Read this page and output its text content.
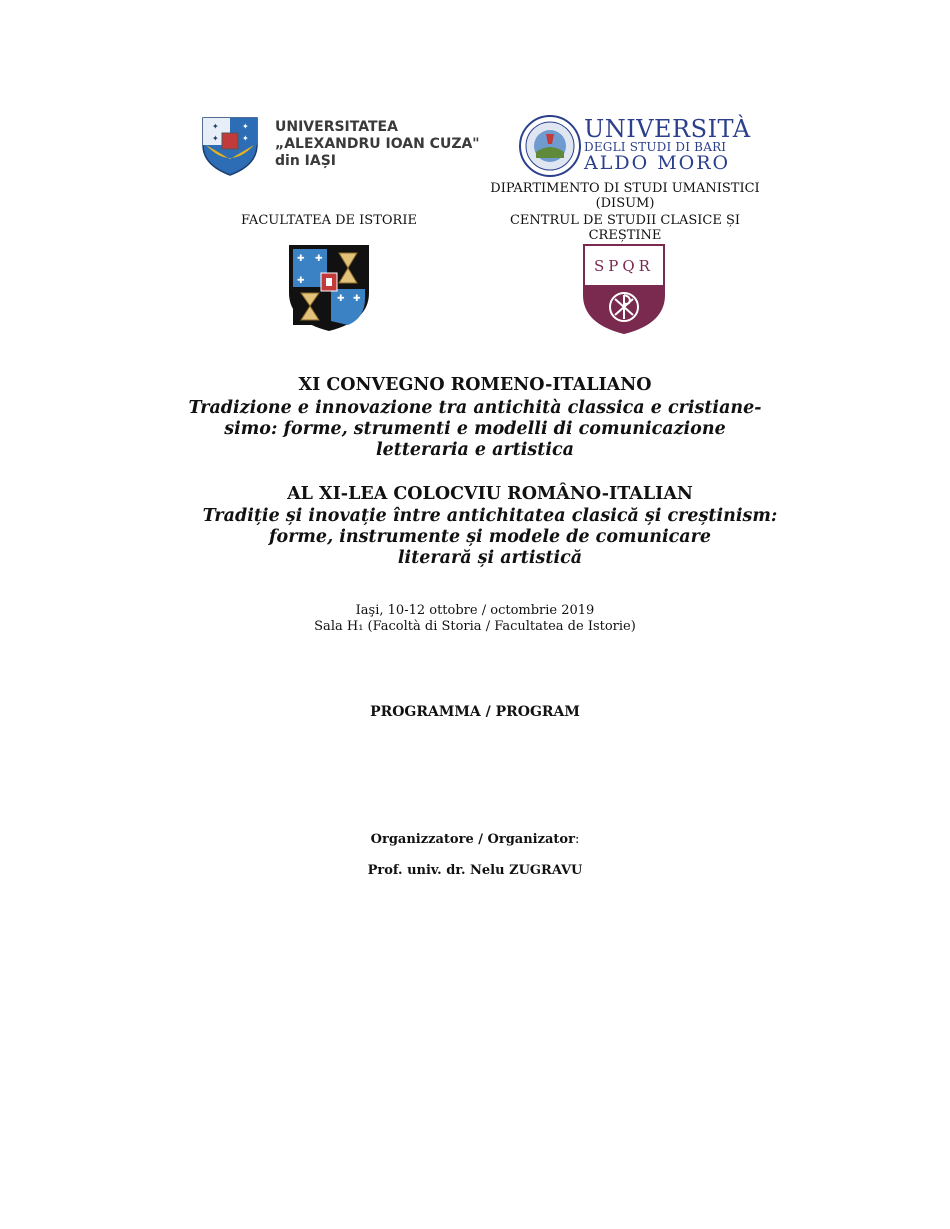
✦	✦
✦
✦
UNIVERSITATEA
„ALEXANDRU IOAN CUZA"
din IAȘI
UNIVERSITÀ
DEGLI STUDI DI BARI
ALDO MORO
DIPARTIMENTO DI STUDI UMANISTICI
(DISUM)
FACULTATEA DE ISTORIE	CENTRUL DE STUDII CLASICE ȘI
CREȘTINE
✚ ✚
✚
✚ ✚
SPQR
XI CONVEGNO ROMENO-ITALIANO
Tradizione e innovazione tra antichità classica e cristiane-
simo: forme, strumenti e modelli di comunicazione
letteraria e artistica
AL XI-LEA COLOCVIU ROMÂNO-ITALIAN
Tradiție și inovație între antichitatea clasică și creștinism:
forme, instrumente și modele de comunicare
literară și artistică
Iaşi, 10-12 ottobre / octombrie 2019
Sala H₁ (Facoltà di Storia / Facultatea de Istorie)
PROGRAMMA / PROGRAM
Organizzatore / Organizator:
Prof. univ. dr. Nelu ZUGRAVU
